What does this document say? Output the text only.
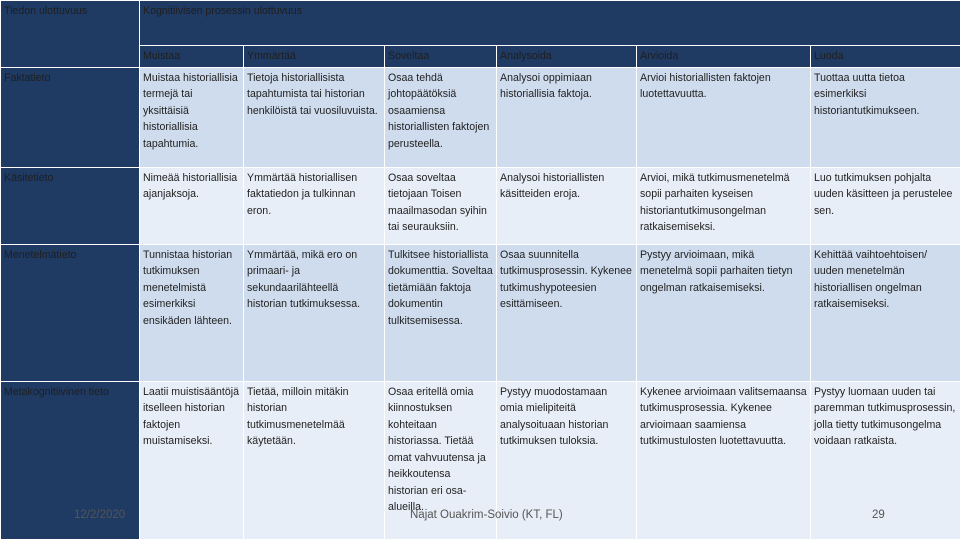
Tiedon ulottuvuus	Kognitiivisen prosessin ulottuvuus					
	Muistaa	Ymmärtää	Soveltaa	Analysoida	Arvioida	Luoda
Faktatieto	Muistaa historiallisia termejä tai yksittäisiä historiallisia tapahtumia.	Tietoja historiallisista tapahtumista tai historian henkilöistä tai vuosiluvuista.	Osaa tehdä johtopäätöksiä osaamiensa historiallisten faktojen perusteella.	Analysoi oppimiaan historiallisia faktoja.	Arvioi historiallisten faktojen luotettavuutta.	Tuottaa uutta tietoa esimerkiksi historiantutkimukseen.
Käsitetieto	Nimeää historiallisia ajanjaksoja.	Ymmärtää historiallisen faktatiedon ja tulkinnan eron.	Osaa soveltaa tietojaan Toisen maailmasodan syihin tai seurauksiin.	Analysoi historiallisten käsitteiden eroja.	Arvioi, mikä tutkimusmenetelmä sopii parhaiten kyseisen historiantutkimusongelman ratkaisemiseksi.	Luo tutkimuksen pohjalta uuden käsitteen ja perustelee sen.
Menetelmätieto	Tunnistaa historian tutkimuksen menetelmistä esimerkiksi ensikäden lähteen.	Ymmärtää, mikä ero on primaari- ja sekundaarilähteellä historian tutkimuksessa.	Tulkitsee historiallista dokumenttia. Soveltaa tietämiään faktoja dokumentin tulkitsemisessa.	Osaa suunnitella tutkimusprosessin. Kykenee tutkimushypoteesien esittämiseen.	Pystyy arvioimaan, mikä menetelmä sopii parhaiten tietyn ongelman ratkaisemiseksi.	Kehittää vaihtoehtoisen/ uuden menetelmän historiallisen ongelman ratkaisemiseksi.
Metakognitiivinen tieto	Laatii muistisääntöjä itselleen historian faktojen muistamiseksi.	Tietää, milloin mitäkin historian tutkimusmenetelmää käytetään.	Osaa eritellä omia kiinnostuksen kohteitaan historiassa. Tietää omat vahvuutensa ja heikkoutensa historian eri osa-alueilla.	Pystyy muodostamaan omia mielipiteitä analysoituaan historian tutkimuksen tuloksia.	Kykenee arvioimaan valitsemaansa tutkimusprosessia. Kykenee arvioimaan saamiensa tutkimustulosten luotettavuutta.	Pystyy luomaan uuden tai paremman tutkimusprosessin, jolla tietty tutkimusongelma voidaan ratkaista.
12/2/2020	Najat Ouakrim-Soivio (KT, FL)	29
